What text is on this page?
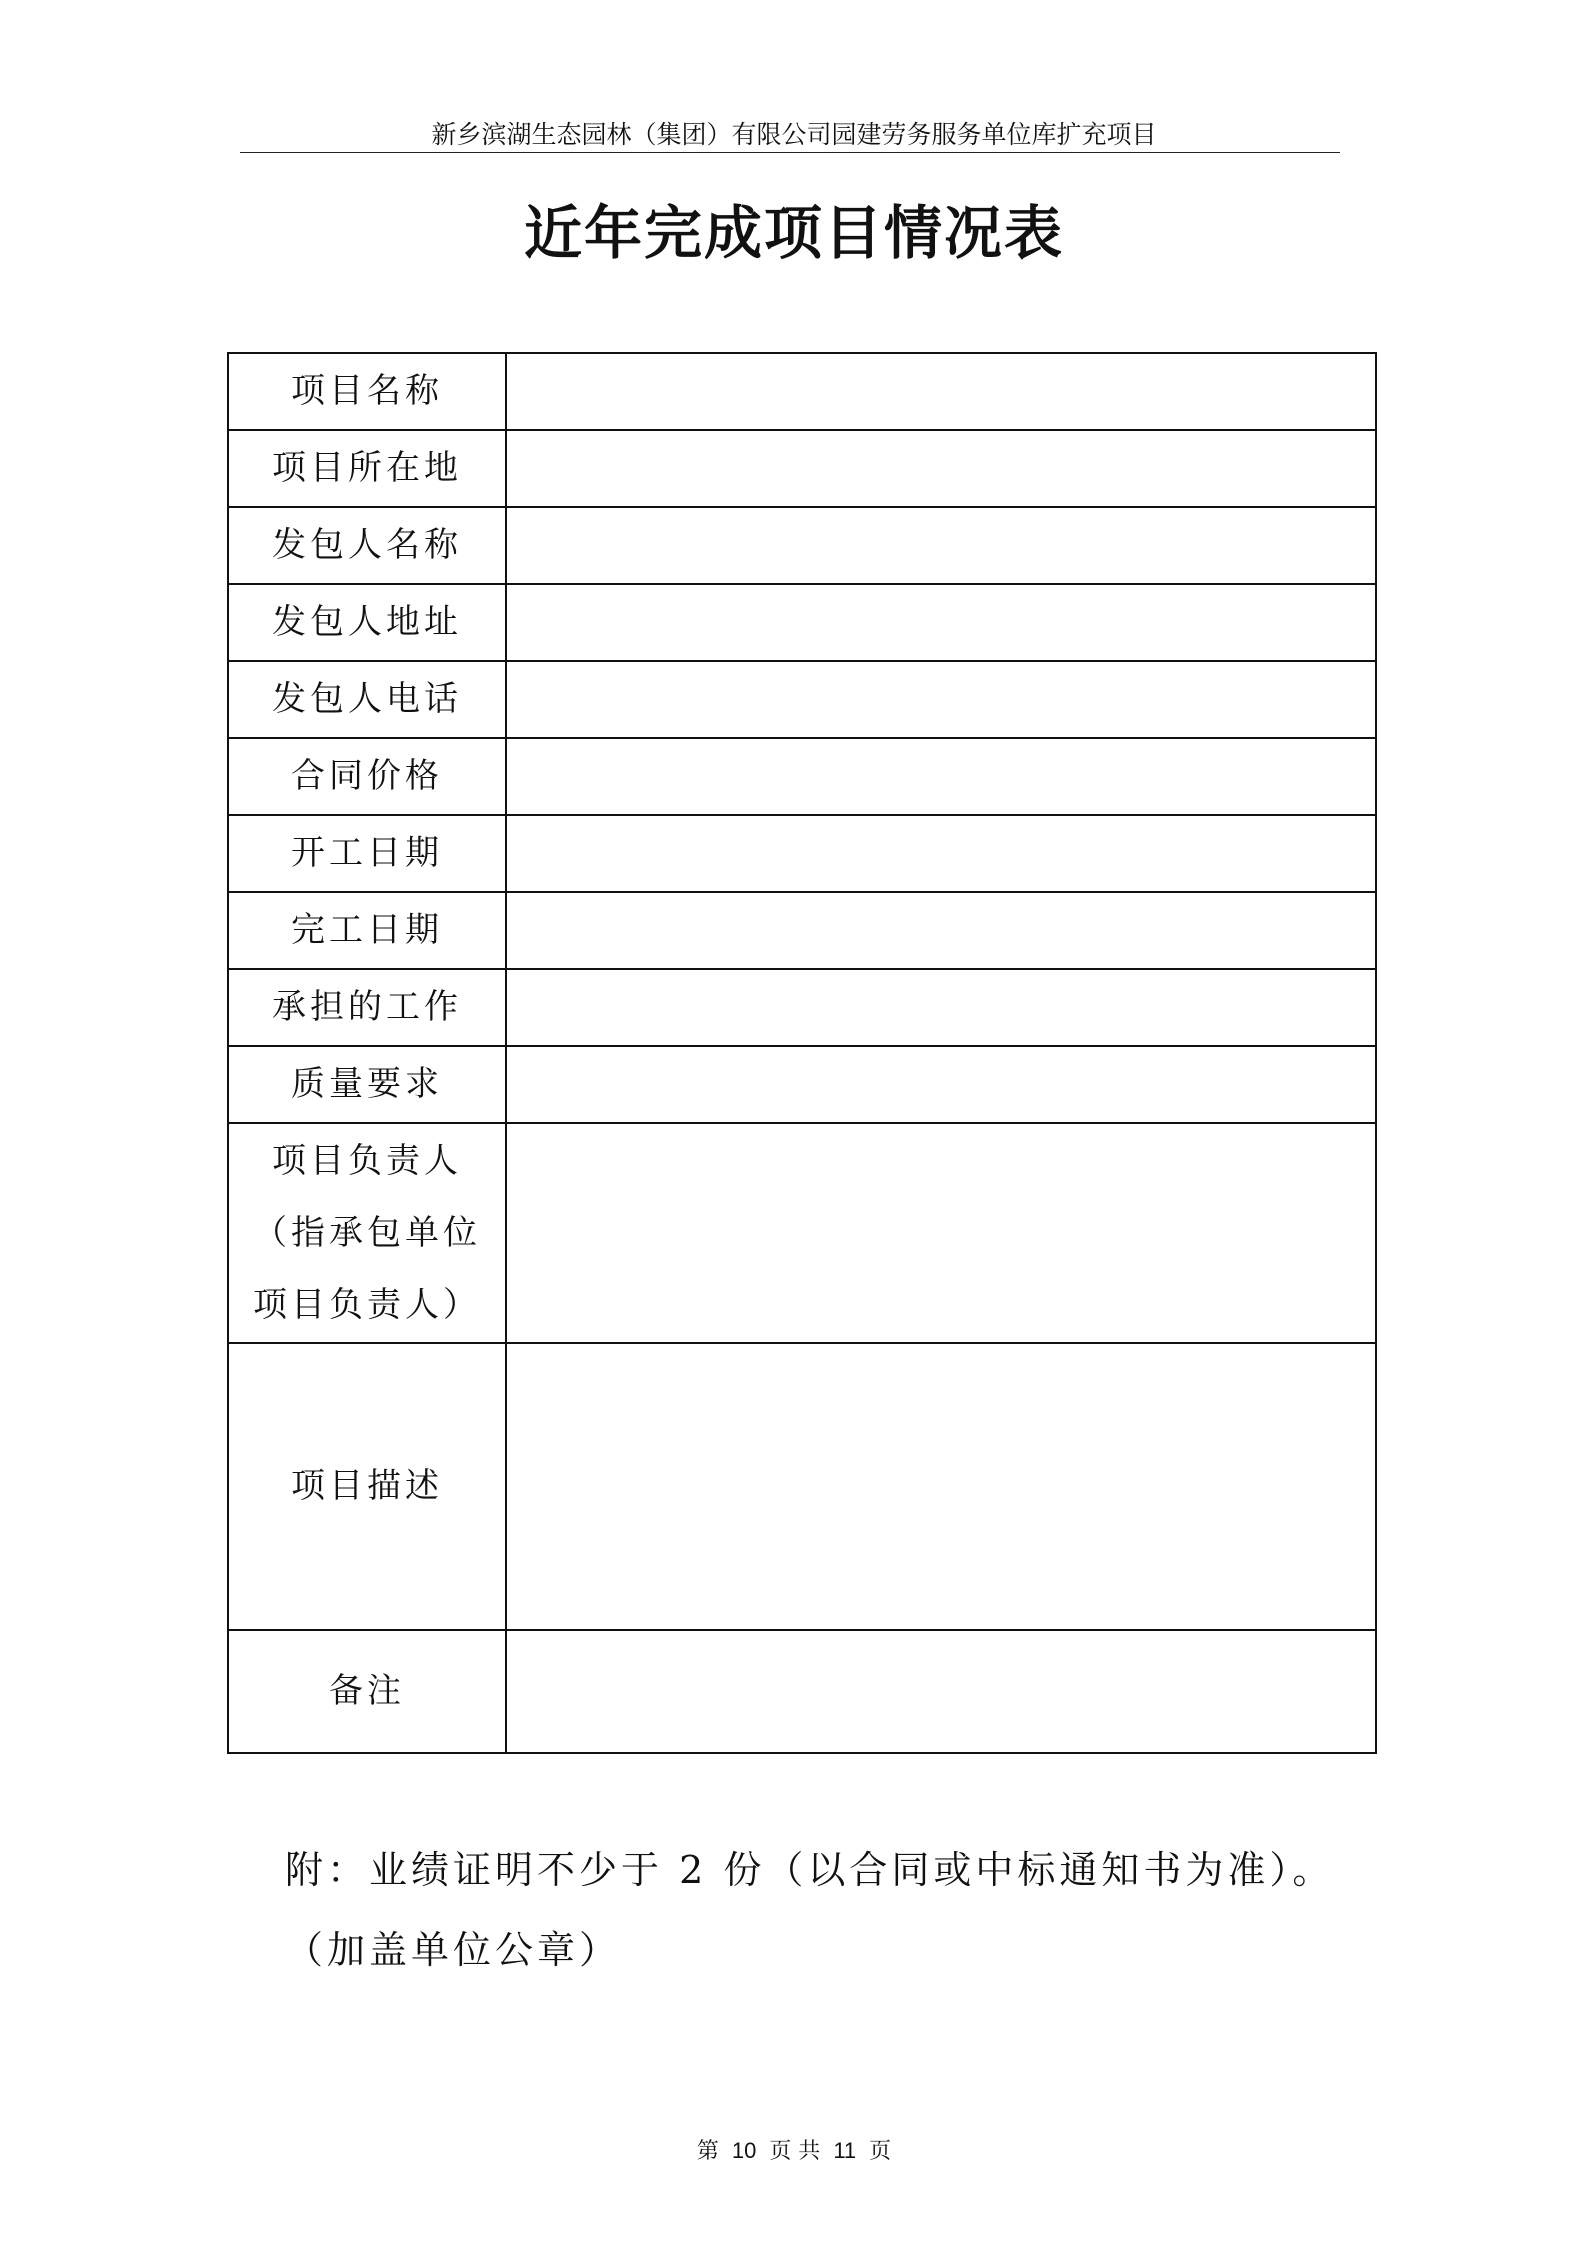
新乡滨湖生态园林（集团）有限公司园建劳务服务单位库扩充项目
近年完成项目情况表
项目名称	
项目所在地	
发包人名称	
发包人地址	
发包人电话	
合同价格	
开工日期	
完工日期	
承担的工作	
质量要求	

项目负责人
（指承包单位
项目负责人）	

项目描述	
备注	
附：业绩证明不少于 2 份（以合同或中标通知书为准）。
（加盖单位公章）
第 10 页 共 11 页
